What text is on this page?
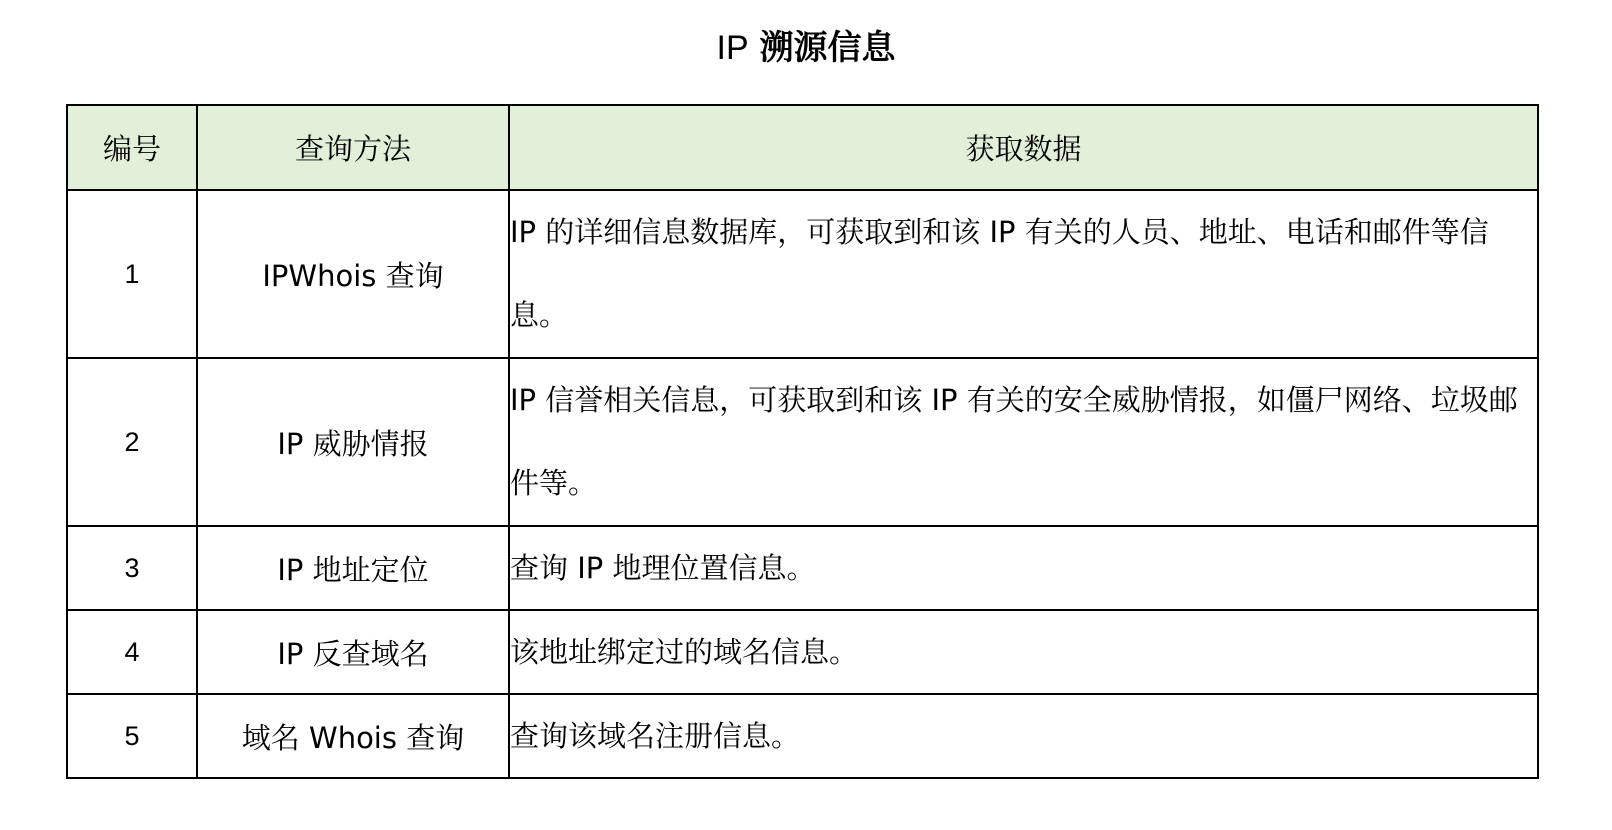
IP 溯源信息
编号	查询方法	获取数据
1	IPWhois 查询	IP 的详细信息数据库，可获取到和该 IP 有关的人员、地址、电话和邮件等信息。
2	IP 威胁情报	IP 信誉相关信息，可获取到和该 IP 有关的安全威胁情报，如僵尸网络、垃圾邮件等。
3	IP 地址定位	查询 IP 地理位置信息。
4	IP 反查域名	该地址绑定过的域名信息。
5	域名 Whois 查询	查询该域名注册信息。
